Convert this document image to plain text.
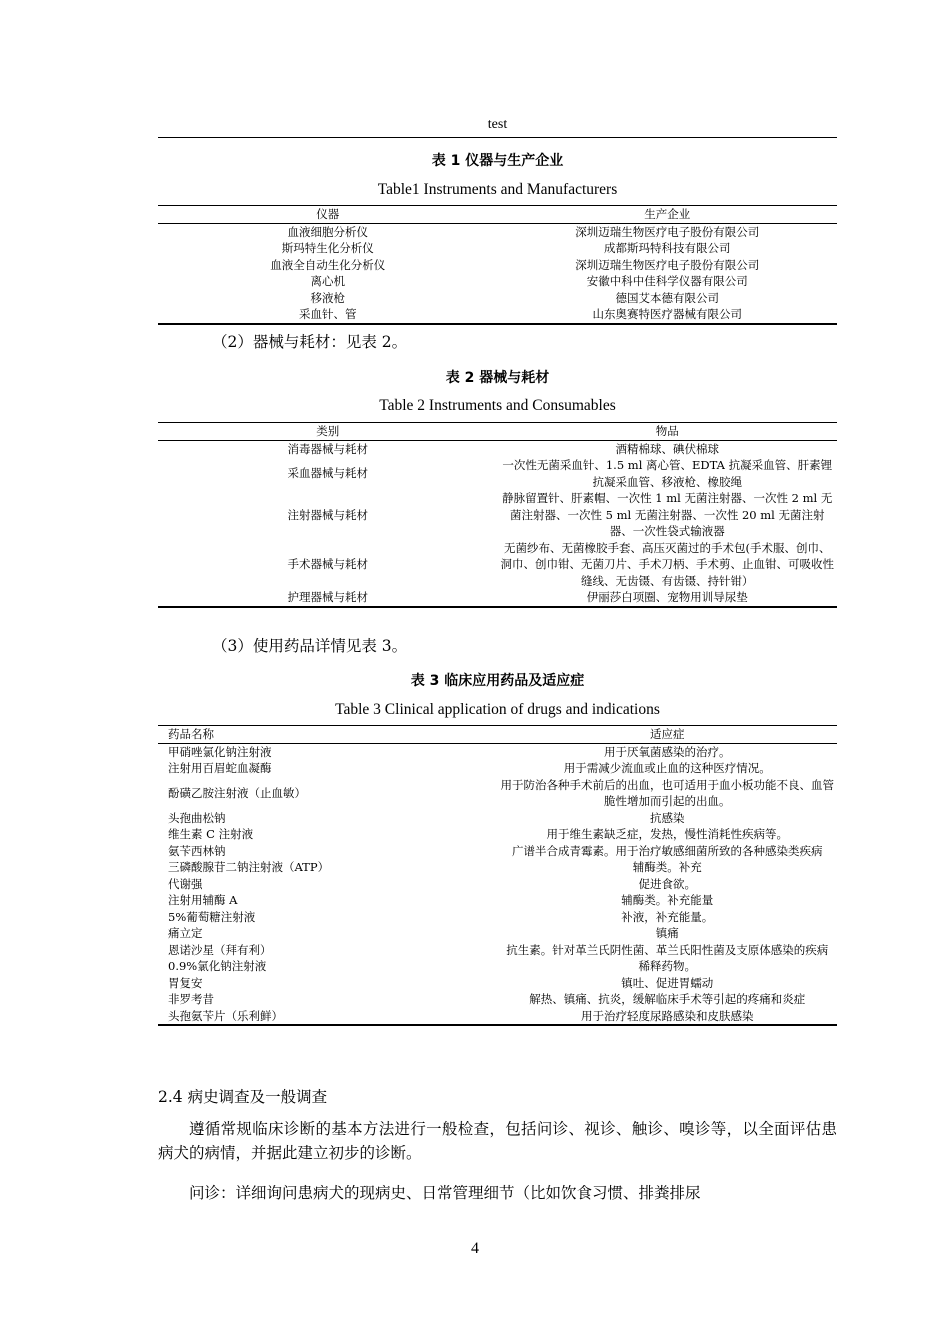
test
表 1 仪器与生产企业
Table1 Instruments and Manufacturers
仪器	生产企业
血液细胞分析仪	深圳迈瑞生物医疗电子股份有限公司
斯玛特生化分析仪	成都斯玛特科技有限公司
血液全自动生化分析仪	深圳迈瑞生物医疗电子股份有限公司
离心机	安徽中科中佳科学仪器有限公司
移液枪	德国艾本德有限公司
采血针、管	山东奥赛特医疗器械有限公司

（2）器械与耗材：见表 2。

表 2 器械与耗材
Table 2 Instruments and Consumables
类别	物品
消毒器械与耗材	酒精棉球、碘伏棉球
采血器械与耗材	一次性无菌采血针、1.5 ml 离心管、EDTA 抗凝采血管、肝素锂抗凝采血管、移液枪、橡胶绳
注射器械与耗材	静脉留置针、肝素帽、一次性 1 ml 无菌注射器、一次性 2 ml 无菌注射器、一次性 5 ml 无菌注射器、一次性 20 ml 无菌注射器、一次性袋式输液器
手术器械与耗材	无菌纱布、无菌橡胶手套、高压灭菌过的手术包(手术服、创巾、洞巾、创巾钳、无菌刀片、手术刀柄、手术剪、止血钳、可吸收性缝线、无齿镊、有齿镊、持针钳）
护理器械与耗材	伊丽莎白项圈、宠物用训导尿垫

（3）使用药品详情见表 3。

表 3 临床应用药品及适应症
Table 3 Clinical application of drugs and indications
药品名称	适应症
甲硝唑氯化钠注射液	用于厌氧菌感染的治疗。
注射用百眉蛇血凝酶	用于需减少流血或止血的这种医疗情况。
酚磺乙胺注射液（止血敏）	用于防治各种手术前后的出血，也可适用于血小板功能不良、血管脆性增加而引起的出血。
头孢曲松钠	抗感染
维生素 C 注射液	用于维生素缺乏症，发热，慢性消耗性疾病等。
氨苄西林钠	广谱半合成青霉素。用于治疗敏感细菌所致的各种感染类疾病
三磷酸腺苷二钠注射液（ATP）	辅酶类。补充
代谢强	促进食欲。
注射用辅酶 A	辅酶类。补充能量
5%葡萄糖注射液	补液，补充能量。
痛立定	镇痛
恩诺沙星（拜有利）	抗生素。针对革兰氏阴性菌、革兰氏阳性菌及支原体感染的疾病
0.9%氯化钠注射液	稀释药物。
胃复安	镇吐、促进胃蠕动
非罗考昔	解热、镇痛、抗炎，缓解临床手术等引起的疼痛和炎症
头孢氨苄片（乐利鲜）	用于治疗轻度尿路感染和皮肤感染
2.4 病史调查及一般调查

遵循常规临床诊断的基本方法进行一般检查，包括问诊、视诊、触诊、嗅诊等，以全面评估患病犬的病情，并据此建立初步的诊断。

问诊：详细询问患病犬的现病史、日常管理细节（比如饮食习惯、排粪排尿

4
